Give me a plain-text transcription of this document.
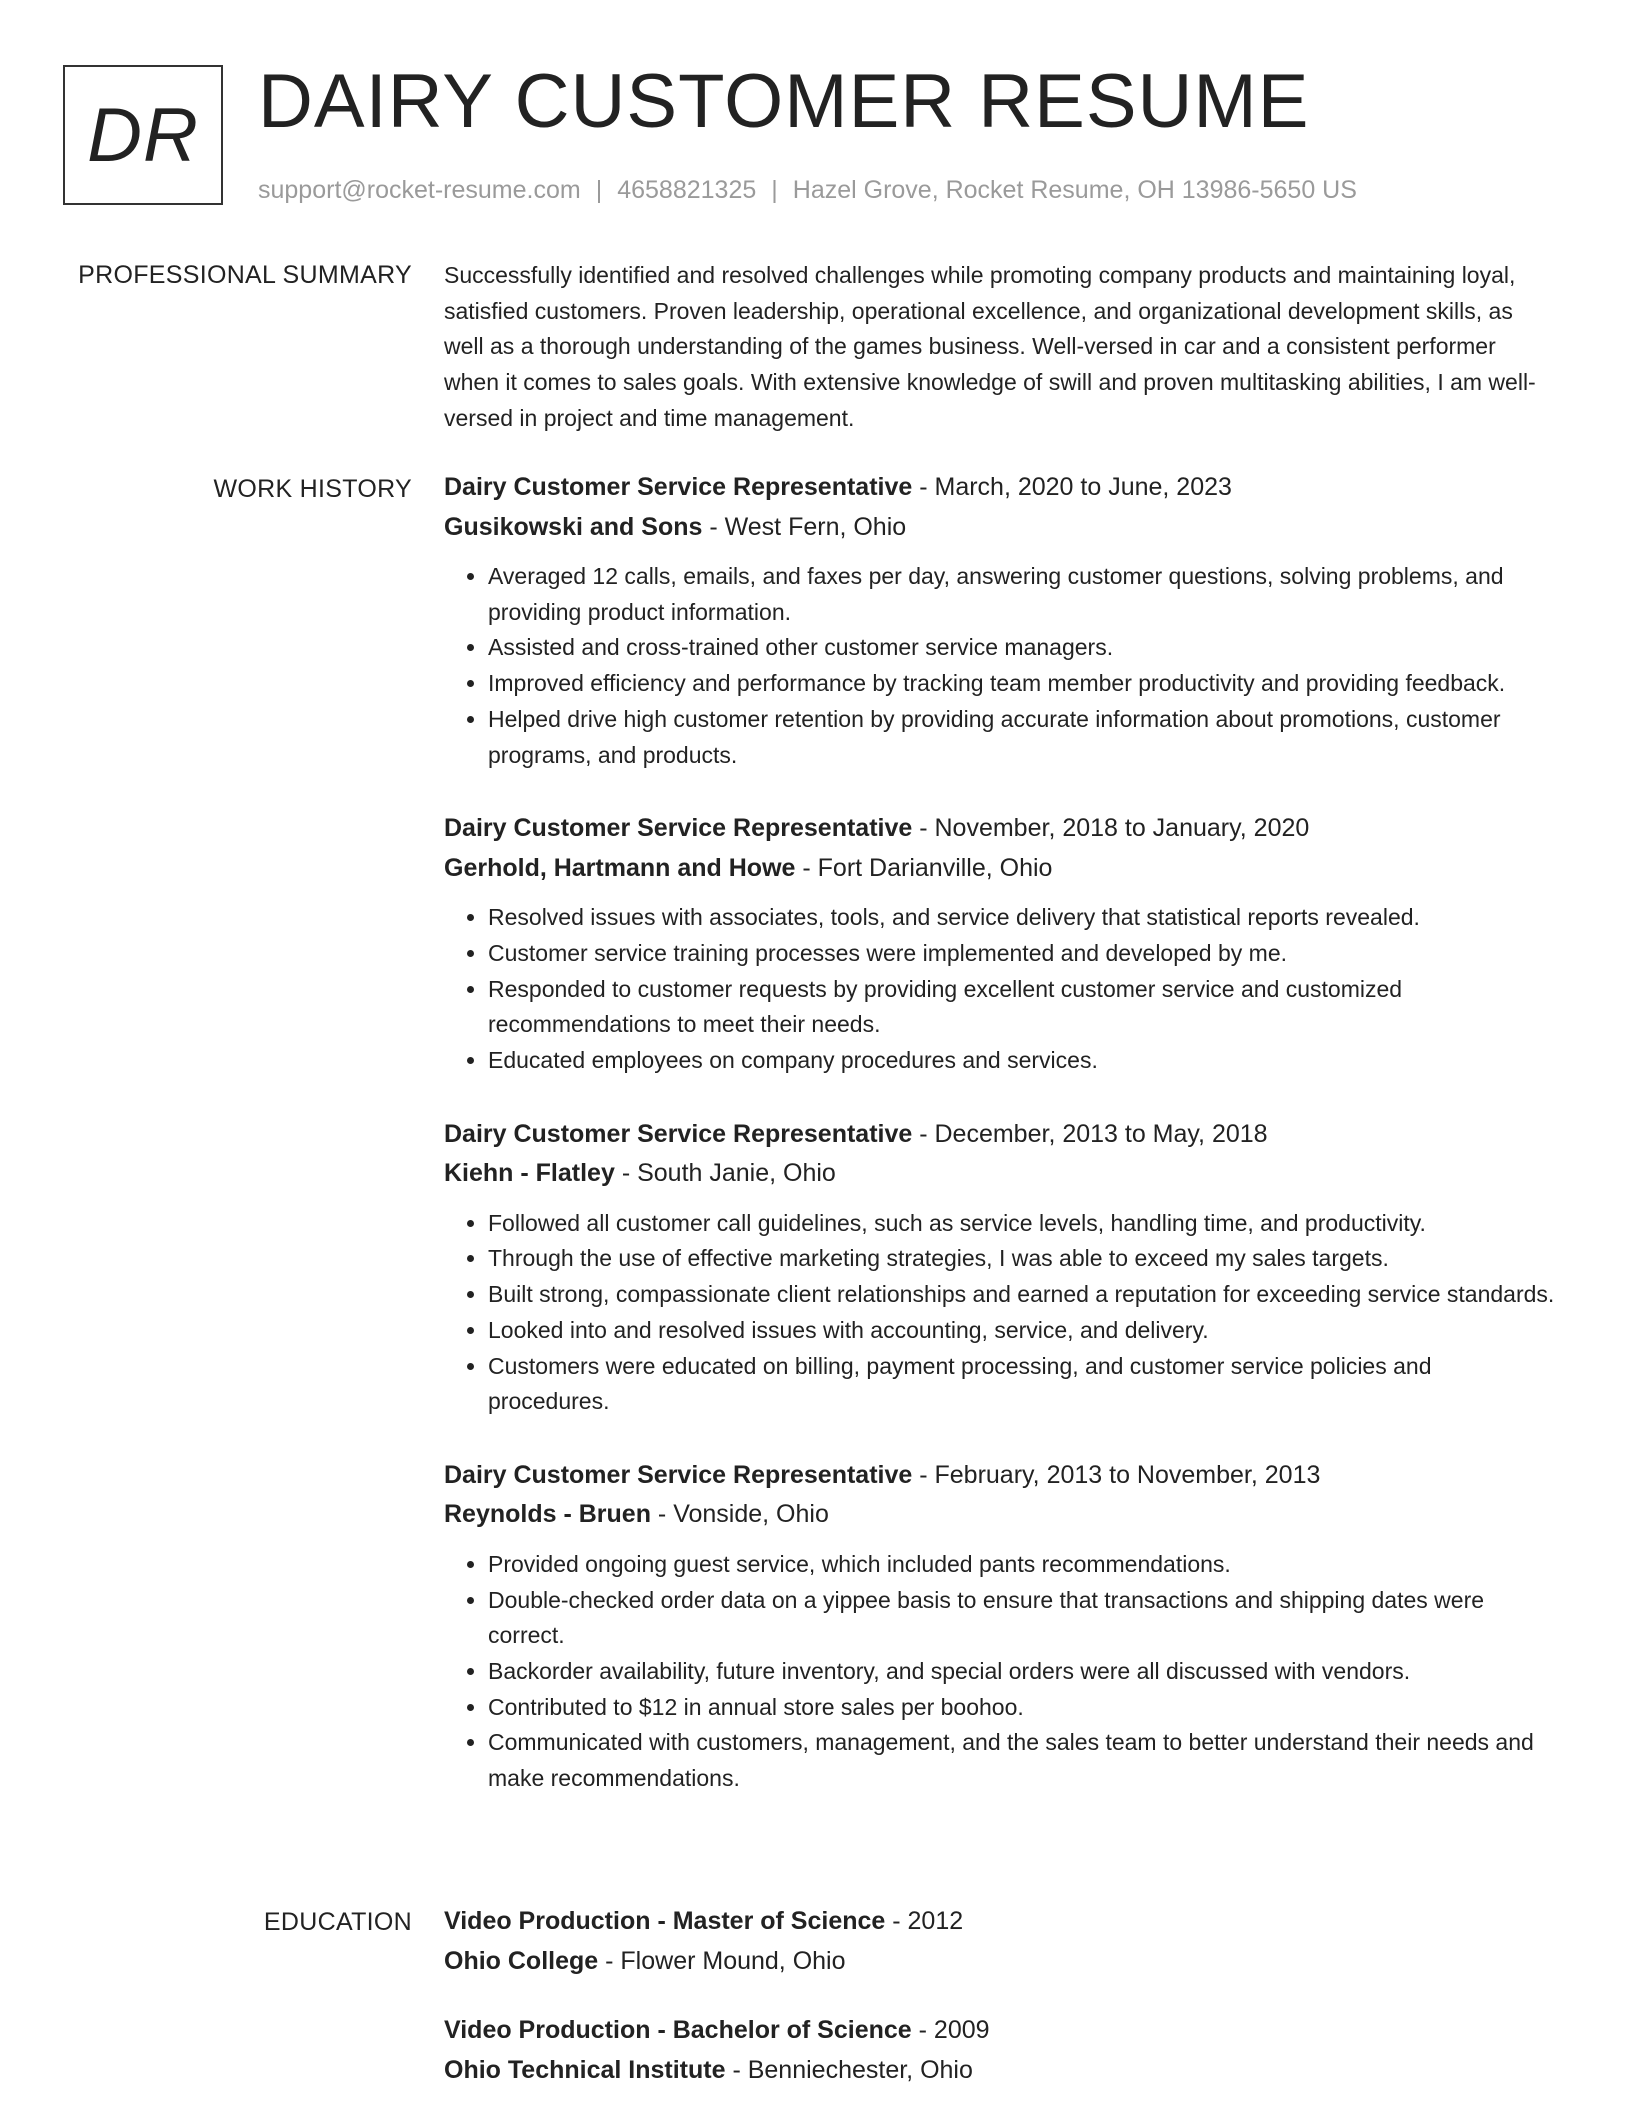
DR DAIRY CUSTOMER RESUME
support@rocket-resume.com | 4658821325 | Hazel Grove, Rocket Resume, OH 13986-5650 US
PROFESSIONAL SUMMARY Successfully identified and resolved challenges while promoting company products and maintaining loyal, satisfied customers. Proven leadership, operational excellence, and organizational development skills, as well as a thorough understanding of the games business. Well-versed in car and a consistent performer when it comes to sales goals. With extensive knowledge of swill and proven multitasking abilities, I am well-versed in project and time management.

WORK HISTORY Dairy Customer Service Representative - March, 2020 to June, 2023
Gusikowski and Sons - West Fern, Ohio
• Averaged 12 calls, emails, and faxes per day, answering customer questions, solving problems, and providing product information.
• Assisted and cross-trained other customer service managers.
• Improved efficiency and performance by tracking team member productivity and providing feedback.
• Helped drive high customer retention by providing accurate information about promotions, customer programs, and products.
Dairy Customer Service Representative - November, 2018 to January, 2020
Gerhold, Hartmann and Howe - Fort Darianville, Ohio
• Resolved issues with associates, tools, and service delivery that statistical reports revealed.
• Customer service training processes were implemented and developed by me.
• Responded to customer requests by providing excellent customer service and customized recommendations to meet their needs.
• Educated employees on company procedures and services.
Dairy Customer Service Representative - December, 2013 to May, 2018
Kiehn - Flatley - South Janie, Ohio
• Followed all customer call guidelines, such as service levels, handling time, and productivity.
• Through the use of effective marketing strategies, I was able to exceed my sales targets.
• Built strong, compassionate client relationships and earned a reputation for exceeding service standards.
• Looked into and resolved issues with accounting, service, and delivery.
• Customers were educated on billing, payment processing, and customer service policies and procedures.
Dairy Customer Service Representative - February, 2013 to November, 2013
Reynolds - Bruen - Vonside, Ohio
• Provided ongoing guest service, which included pants recommendations.
• Double-checked order data on a yippee basis to ensure that transactions and shipping dates were correct.
• Backorder availability, future inventory, and special orders were all discussed with vendors.
• Contributed to $12 in annual store sales per boohoo.
• Communicated with customers, management, and the sales team to better understand their needs and make recommendations.
EDUCATION Video Production - Master of Science - 2012
Ohio College - Flower Mound, Ohio
Video Production - Bachelor of Science - 2009
Ohio Technical Institute - Benniechester, Ohio
